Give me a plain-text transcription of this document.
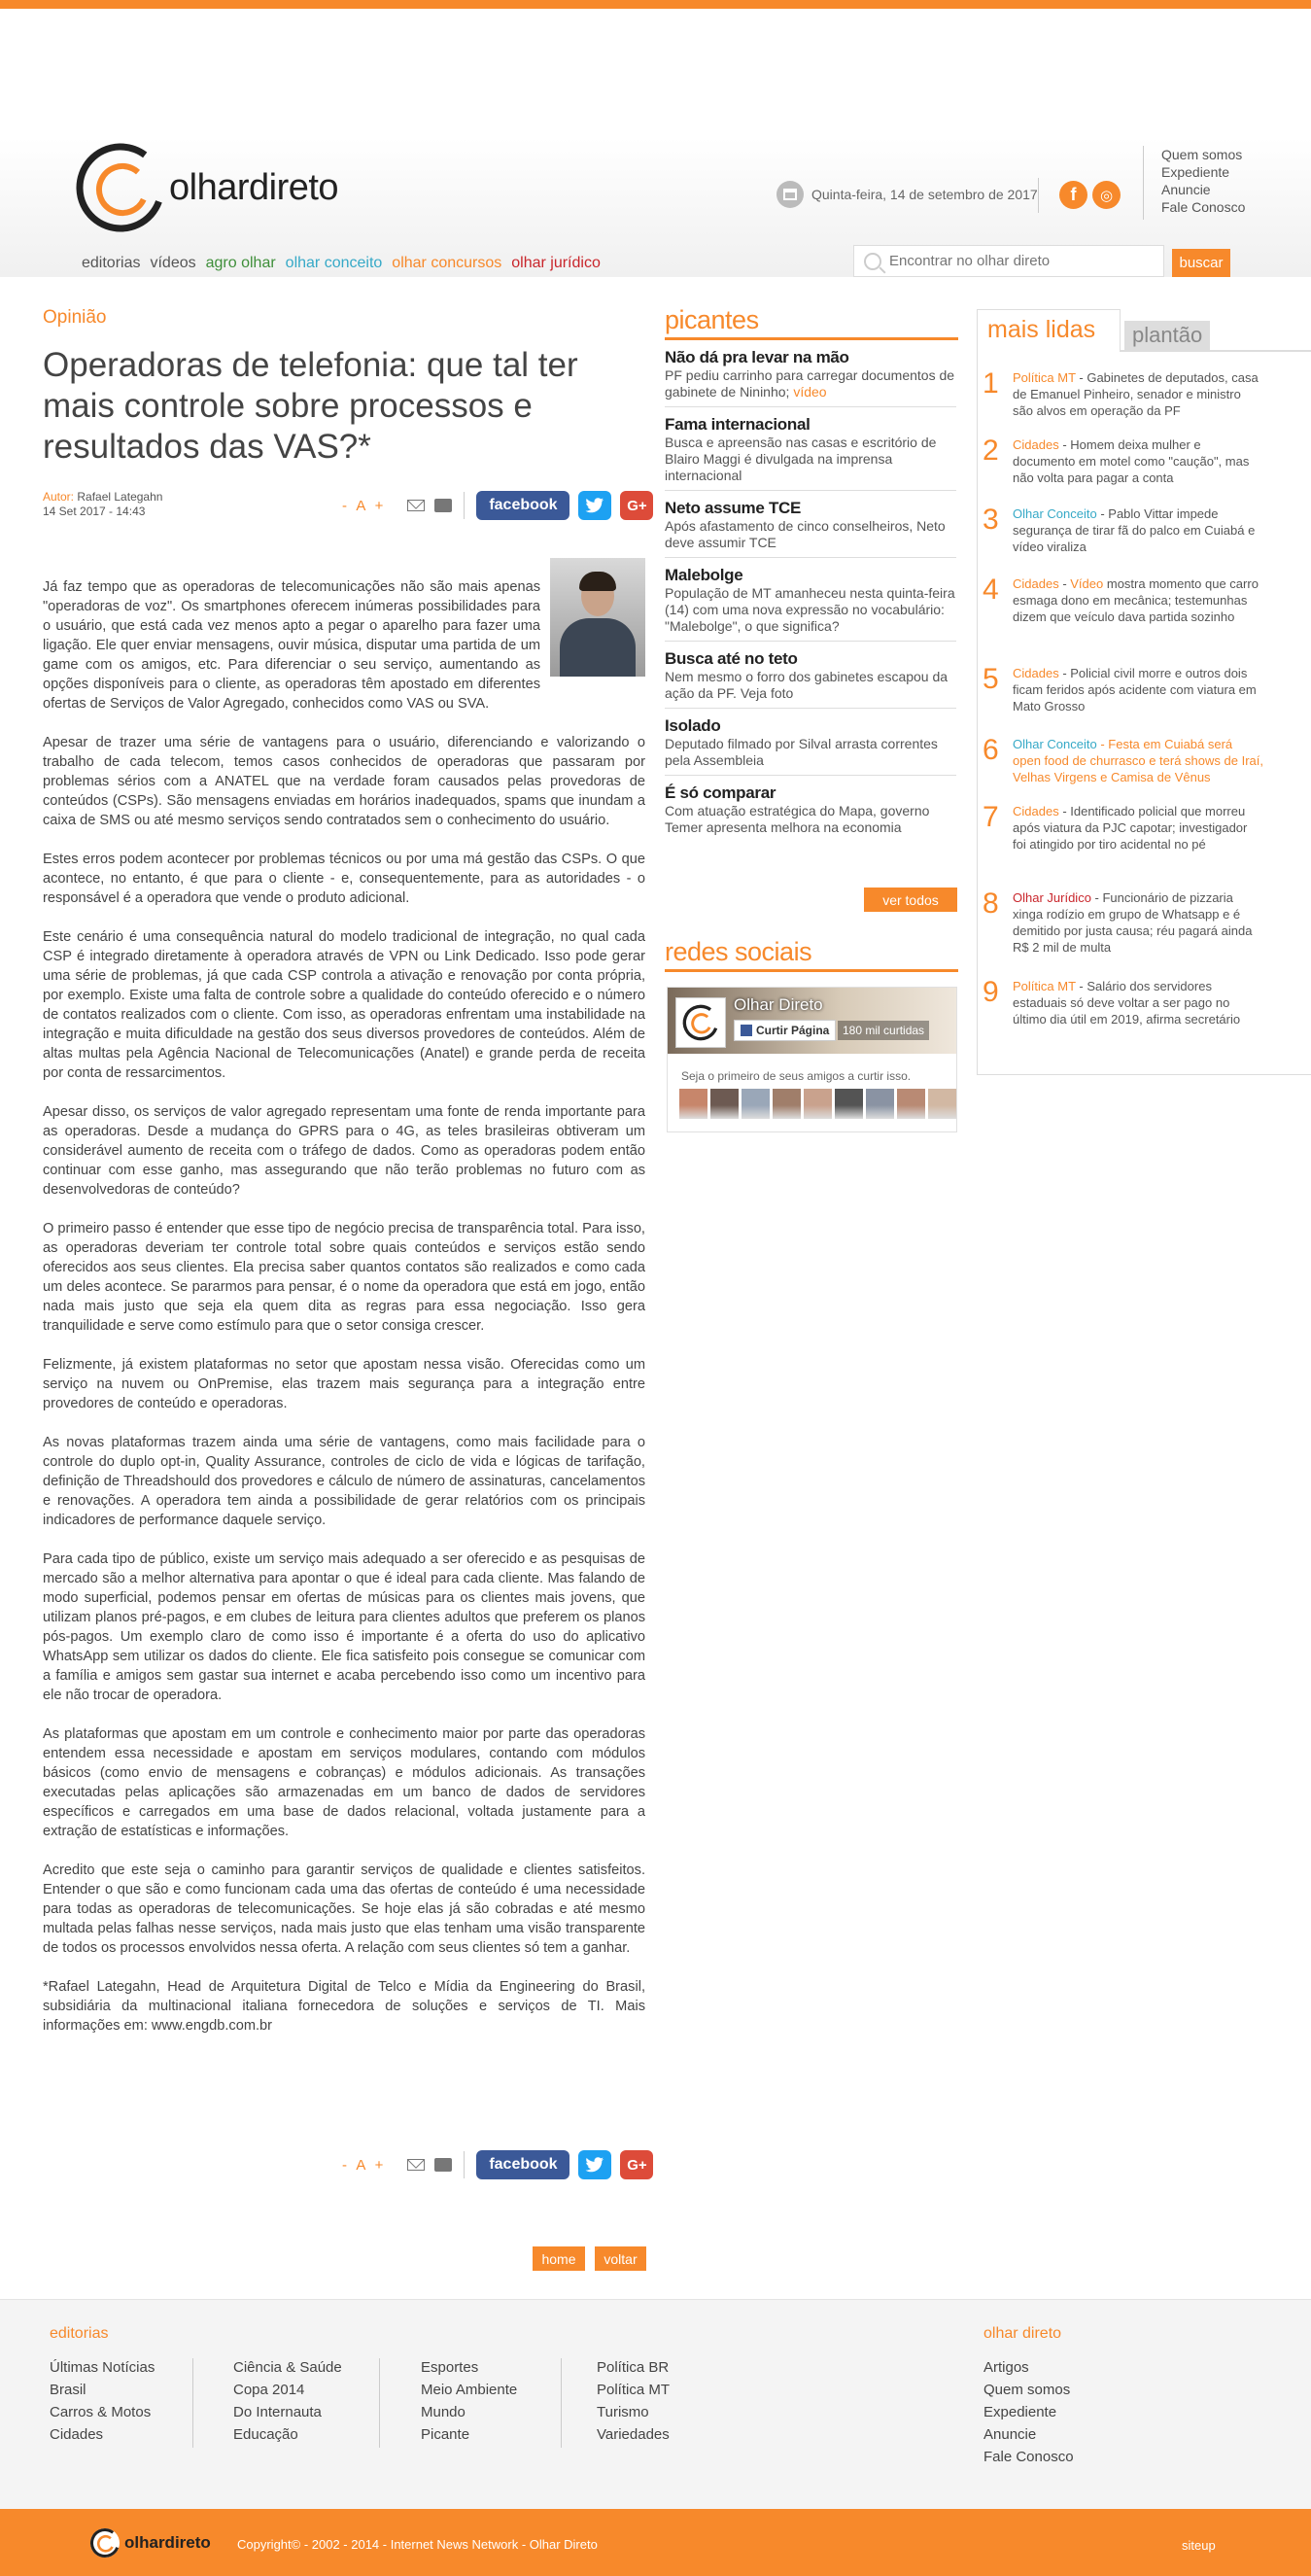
olhardireto	Quinta-feira, 14 de setembro de 2017	f	◎
Quem somos
Expediente
Anuncie
Fale Conosco
editorias vídeos agro olhar olhar conceito olhar concursos olhar jurídico
Encontrar no olhar direto	buscar
Opinião
Operadoras de telefonia: que tal ter mais controle sobre processos e resultados das VAS?*
Autor: Rafael Lategahn
14 Set 2017 - 14:43	- A +	facebook	G+

Já faz tempo que as operadoras de telecomunicações não são mais apenas "operadoras de voz". Os smartphones oferecem inúmeras possibilidades para o usuário, que está cada vez menos apto a pegar o aparelho para fazer uma ligação. Ele quer enviar mensagens, ouvir música, disputar uma partida de um game com os amigos, etc. Para diferenciar o seu serviço, aumentando as opções disponíveis para o cliente, as operadoras têm apostado em diferentes ofertas de Serviços de Valor Agregado, conhecidos como VAS ou SVA.

Apesar de trazer uma série de vantagens para o usuário, diferenciando e valorizando o trabalho de cada telecom, temos casos conhecidos de operadoras que passaram por problemas sérios com a ANATEL que na verdade foram causados pelas provedoras de conteúdos (CSPs). São mensagens enviadas em horários inadequados, spams que inundam a caixa de SMS ou até mesmo serviços sendo contratados sem o conhecimento do usuário.

Estes erros podem acontecer por problemas técnicos ou por uma má gestão das CSPs. O que acontece, no entanto, é que para o cliente - e, consequentemente, para as autoridades - o responsável é a operadora que vende o produto adicional.

Este cenário é uma consequência natural do modelo tradicional de integração, no qual cada CSP é integrado diretamente à operadora através de VPN ou Link Dedicado. Isso pode gerar uma série de problemas, já que cada CSP controla a ativação e renovação por conta própria, por exemplo. Existe uma falta de controle sobre a qualidade do conteúdo oferecido e o número de contatos realizados com o cliente. Com isso, as operadoras enfrentam uma instabilidade na integração e muita dificuldade na gestão dos seus diversos provedores de conteúdos. Além de altas multas pela Agência Nacional de Telecomunicações (Anatel) e grande perda de receita por conta de ressarcimentos.

Apesar disso, os serviços de valor agregado representam uma fonte de renda importante para as operadoras. Desde a mudança do GPRS para o 4G, as teles brasileiras obtiveram um considerável aumento de receita com o tráfego de dados. Como as operadoras podem então continuar com esse ganho, mas assegurando que não terão problemas no futuro com as desenvolvedoras de conteúdo?

O primeiro passo é entender que esse tipo de negócio precisa de transparência total. Para isso, as operadoras deveriam ter controle total sobre quais conteúdos e serviços estão sendo oferecidos aos seus clientes. Ela precisa saber quantos contatos são realizados e como cada um deles acontece. Se pararmos para pensar, é o nome da operadora que está em jogo, então nada mais justo que seja ela quem dita as regras para essa negociação. Isso gera tranquilidade e serve como estímulo para que o setor consiga crescer.

Felizmente, já existem plataformas no setor que apostam nessa visão. Oferecidas como um serviço na nuvem ou OnPremise, elas trazem mais segurança para a integração entre provedores de conteúdo e operadoras.

As novas plataformas trazem ainda uma série de vantagens, como mais facilidade para o controle do duplo opt-in, Quality Assurance, controles de ciclo de vida e lógicas de tarifação, definição de Threadshould dos provedores e cálculo de número de assinaturas, cancelamentos e renovações. A operadora tem ainda a possibilidade de gerar relatórios com os principais indicadores de performance daquele serviço.

Para cada tipo de público, existe um serviço mais adequado a ser oferecido e as pesquisas de mercado são a melhor alternativa para apontar o que é ideal para cada cliente. Mas falando de modo superficial, podemos pensar em ofertas de músicas para os clientes mais jovens, que utilizam planos pré-pagos, e em clubes de leitura para clientes adultos que preferem os planos pós-pagos. Um exemplo claro de como isso é importante é a oferta do uso do aplicativo WhatsApp sem utilizar os dados do cliente. Ele fica satisfeito pois consegue se comunicar com a família e amigos sem gastar sua internet e acaba percebendo isso como um incentivo para ele não trocar de operadora.

As plataformas que apostam em um controle e conhecimento maior por parte das operadoras entendem essa necessidade e apostam em serviços modulares, contando com módulos básicos (como envio de mensagens e cobranças) e módulos adicionais. As transações executadas pelas aplicações são armazenadas em um banco de dados de servidores específicos e carregados em uma base de dados relacional, voltada justamente para a extração de estatísticas e informações.

Acredito que este seja o caminho para garantir serviços de qualidade e clientes satisfeitos. Entender o que são e como funcionam cada uma das ofertas de conteúdo é uma necessidade para todas as operadoras de telecomunicações. Se hoje elas já são cobradas e até mesmo multada pelas falhas nesse serviços, nada mais justo que elas tenham uma visão transparente de todos os processos envolvidos nessa oferta. A relação com seus clientes só tem a ganhar.

*Rafael Lategahn, Head de Arquitetura Digital de Telco e Mídia da Engineering do Brasil, subsidiária da multinacional italiana fornecedora de soluções e serviços de TI. Mais informações em: www.engdb.com.br

- A +	facebook	G+
home	voltar
picantes
Não dá pra levar na mão
PF pediu carrinho para carregar documentos de gabinete de Nininho; vídeo
Fama internacional
Busca e apreensão nas casas e escritório de Blairo Maggi é divulgada na imprensa internacional
Neto assume TCE
Após afastamento de cinco conselheiros, Neto deve assumir TCE
Malebolge
População de MT amanheceu nesta quinta-feira (14) com uma nova expressão no vocabulário: "Malebolge", o que significa?
Busca até no teto
Nem mesmo o forro dos gabinetes escapou da ação da PF. Veja foto
Isolado
Deputado filmado por Silval arrasta correntes pela Assembleia
É só comparar
Com atuação estratégica do Mapa, governo Temer apresenta melhora na economia
ver todos
redes sociais
Olhar Direto
Curtir Página	180 mil curtidas
Seja o primeiro de seus amigos a curtir isso.
mais lidas	plantão
1	Política MT - Gabinetes de deputados, casa de Emanuel Pinheiro, senador e ministro são alvos em operação da PF
2	Cidades - Homem deixa mulher e documento em motel como "caução", mas não volta para pagar a conta
3	Olhar Conceito - Pablo Vittar impede segurança de tirar fã do palco em Cuiabá e vídeo viraliza
4	Cidades - Vídeo mostra momento que carro esmaga dono em mecânica; testemunhas dizem que veículo dava partida sozinho
5	Cidades - Policial civil morre e outros dois ficam feridos após acidente com viatura em Mato Grosso
6	Olhar Conceito - Festa em Cuiabá será open food de churrasco e terá shows de Iraí, Velhas Virgens e Camisa de Vênus
7	Cidades - Identificado policial que morreu após viatura da PJC capotar; investigador foi atingido por tiro acidental no pé
8	Olhar Jurídico - Funcionário de pizzaria xinga rodízio em grupo de Whatsapp e é demitido por justa causa; réu pagará ainda R$ 2 mil de multa
9	Política MT - Salário dos servidores estaduais só deve voltar a ser pago no último dia útil em 2019, afirma secretário
editorias
Últimas Notícias
Brasil
Carros & Motos
Cidades
Ciência & Saúde
Copa 2014
Do Internauta
Educação
Esportes
Meio Ambiente
Mundo
Picante
Política BR
Política MT
Turismo
Variedades
olhar direto
Artigos
Quem somos
Expediente
Anuncie
Fale Conosco
olhardireto Copyright© - 2002 - 2014 - Internet News Network - Olhar Direto	siteup
